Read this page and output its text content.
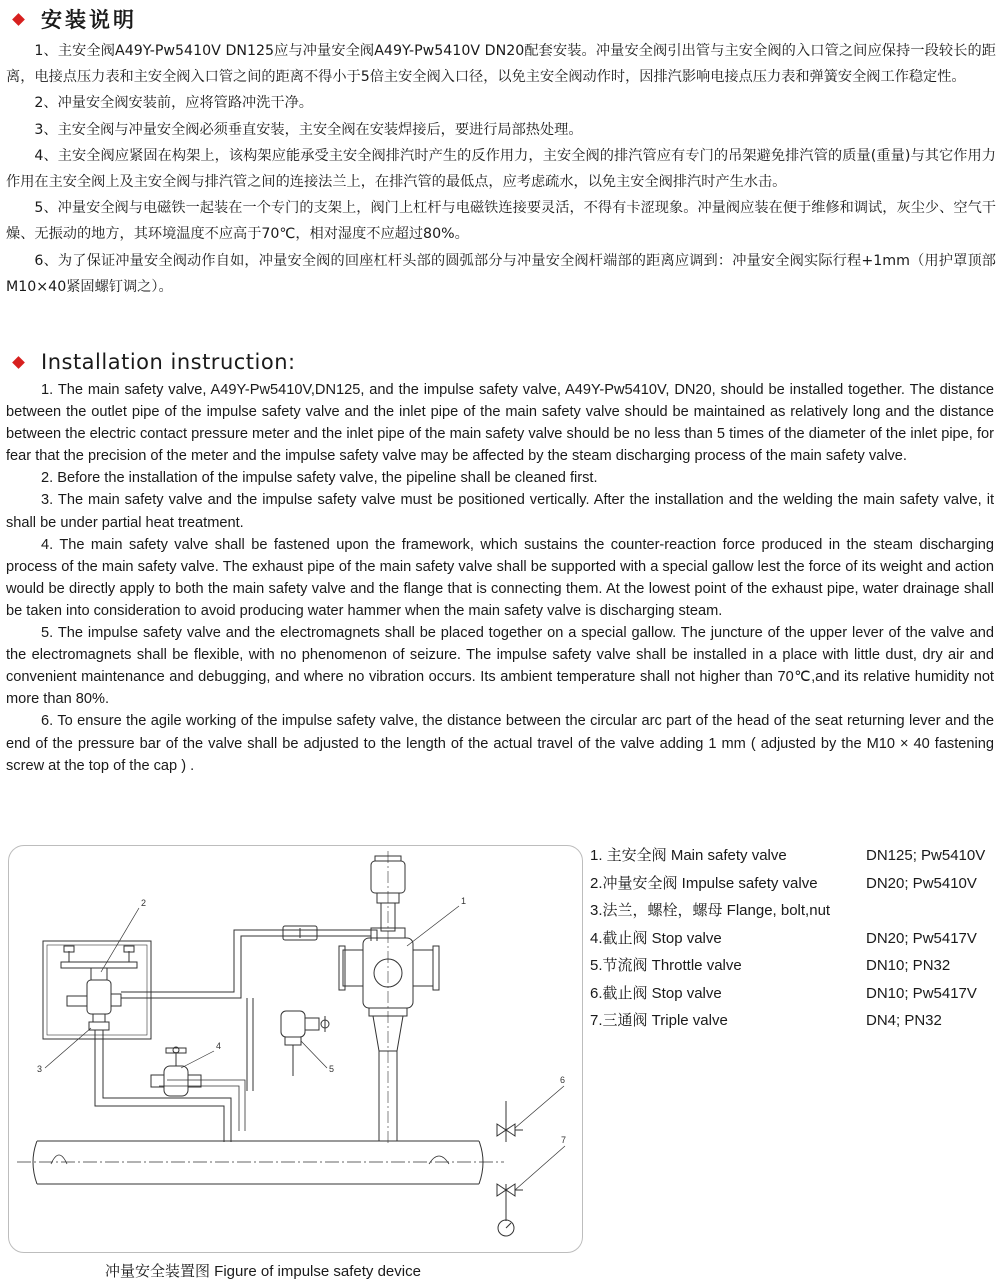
安装说明

1、主安全阀A49Y-Pw5410V DN125应与冲量安全阀A49Y-Pw5410V DN20配套安装。冲量安全阀引出管与主安全阀的入口管之间应保持一段较长的距离，电接点压力表和主安全阀入口管之间的距离不得小于5倍主安全阀入口径，以免主安全阀动作时，因排汽影响电接点压力表和弹簧安全阀工作稳定性。

2、冲量安全阀安装前，应将管路冲洗干净。

3、主安全阀与冲量安全阀必须垂直安装，主安全阀在安装焊接后，要进行局部热处理。

4、主安全阀应紧固在构架上，该构架应能承受主安全阀排汽时产生的反作用力，主安全阀的排汽管应有专门的吊架避免排汽管的质量(重量)与其它作用力作用在主安全阀上及主安全阀与排汽管之间的连接法兰上，在排汽管的最低点，应考虑疏水，以免主安全阀排汽时产生水击。

5、冲量安全阀与电磁铁一起装在一个专门的支架上，阀门上杠杆与电磁铁连接要灵活，不得有卡涩现象。冲量阀应装在便于维修和调试，灰尘少、空气干燥、无振动的地方，其环境温度不应高于70℃，相对湿度不应超过80%。

6、为了保证冲量安全阀动作自如，冲量安全阀的回座杠杆头部的圆弧部分与冲量安全阀杆端部的距离应调到：冲量安全阀实际行程+1mm（用护罩顶部M10×40紧固螺钉调之）。

Installation instruction:

1. The main safety valve, A49Y-Pw5410V,DN125, and the impulse safety valve, A49Y-Pw5410V, DN20, should be installed together. The distance between the outlet pipe of the impulse safety valve and the inlet pipe of the main safety valve should be maintained as relatively long and the distance between the electric contact pressure meter and the inlet pipe of the main safety valve should be no less than 5 times of the diameter of the inlet pipe, for fear that the precision of the meter and the impulse safety valve may be affected by the steam discharging process of the main safety valve.

2. Before the installation of the impulse safety valve, the pipeline shall be cleaned first.

3. The main safety valve and the impulse safety valve must be positioned vertically. After the installation and the welding the main safety valve, it shall be under partial heat treatment.

4. The main safety valve shall be fastened upon the framework, which sustains the counter-reaction force produced in the steam discharging process of the main safety valve. The exhaust pipe of the main safety valve shall be supported with a special gallow lest the force of its weight and action would be directly apply to both the main safety valve and the flange that is connecting them. At the lowest point of the exhaust pipe, water drainage shall be taken into consideration to avoid producing water hammer when the main safety valve is discharging steam.

5. The impulse safety valve and the electromagnets shall be placed together on a special gallow. The juncture of the upper lever of the valve and the electromagnets shall be flexible, with no phenomenon of seizure. The impulse safety valve shall be installed in a place with little dust, dry air and convenient maintenance and debugging, and where no vibration occurs. Its ambient temperature shall not higher than 70℃,and its relative humidity not more than 80%.

6. To ensure the agile working of the impulse safety valve, the distance between the circular arc part of the head of the seat returning lever and the end of the pressure bar of the valve shall be adjusted to the length of the actual travel of the valve adding 1 mm ( adjusted by the M10 × 40 fastening screw at the top of the cap ) .

1
2
3
4
5
6
7
冲量安全装置图 Figure of impulse safety device
1. 主安全阀 Main safety valve	DN125; Pw5410V
2.冲量安全阀 Impulse safety valve	DN20; Pw5410V
3.法兰，螺栓，螺母 Flange, bolt,nut
4.截止阀 Stop valve	DN20; Pw5417V
5.节流阀 Throttle valve	DN10; PN32
6.截止阀 Stop valve	DN10; Pw5417V
7.三通阀 Triple valve	DN4; PN32
